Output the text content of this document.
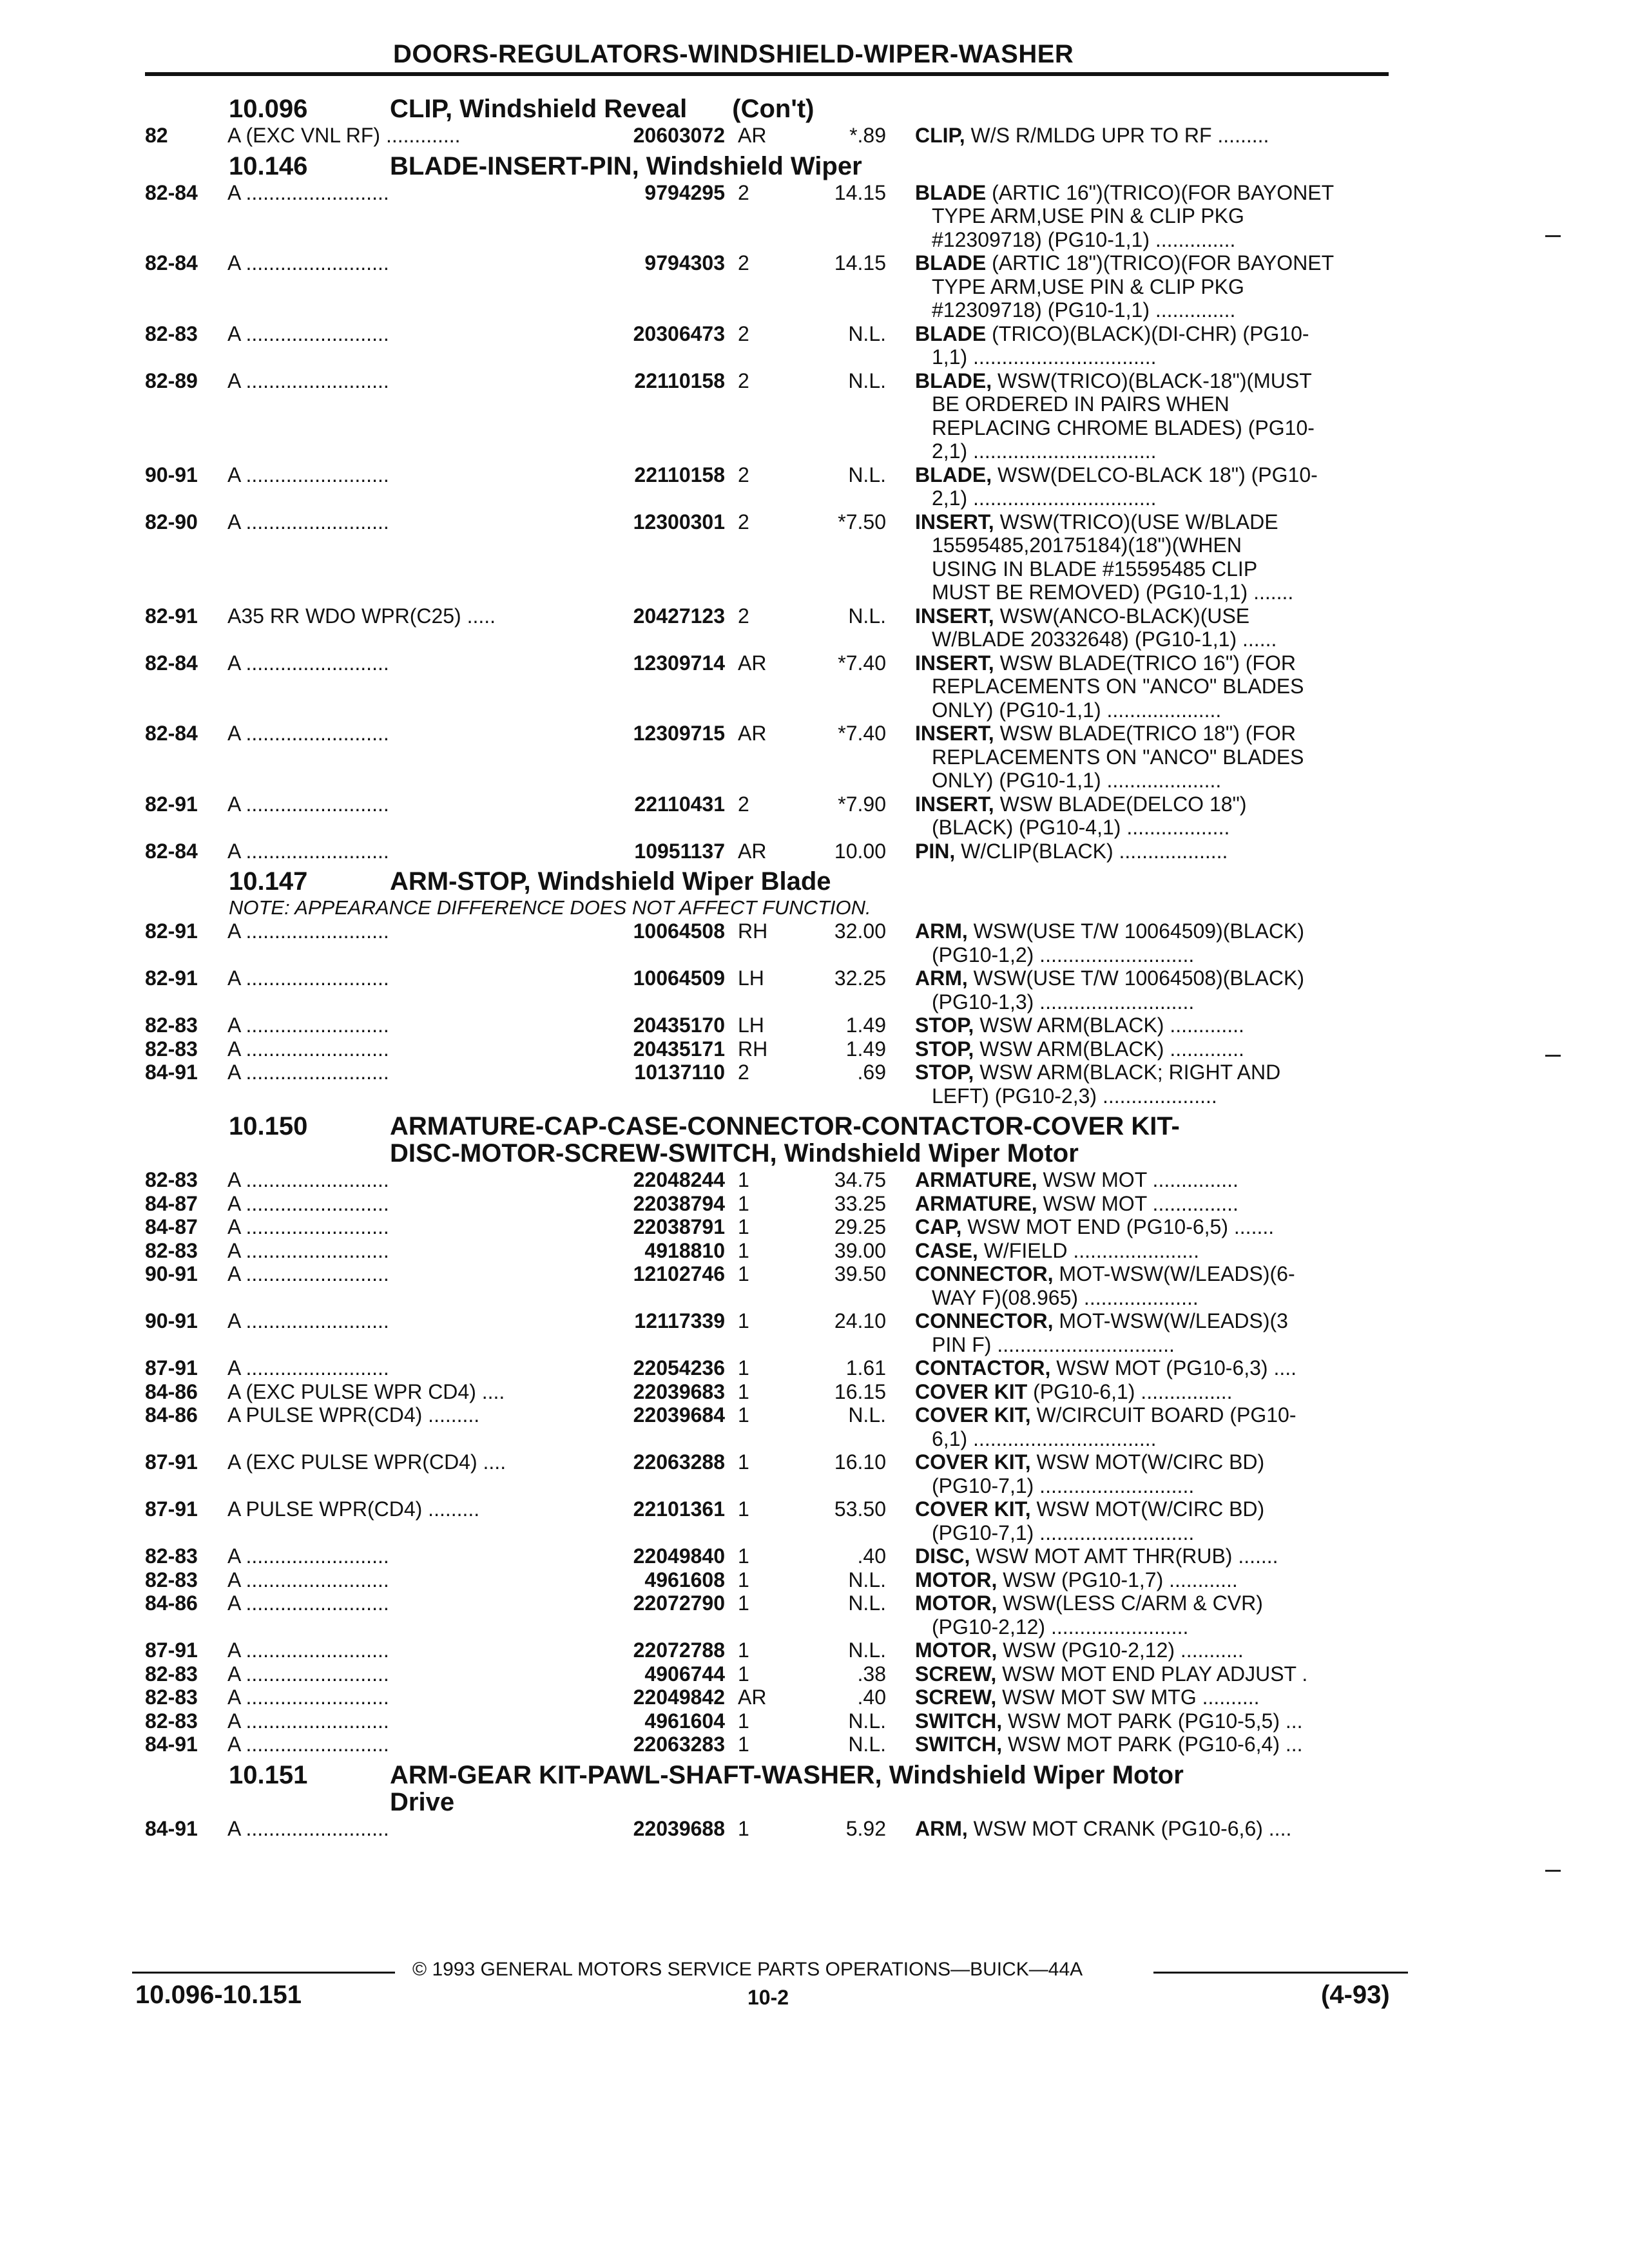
DOORS-REGULATORS-WINDSHIELD-WIPER-WASHER
10.096	CLIP, Windshield Reveal (Con't)
82	A (EXC VNL RF) .............	20603072 AR	*.89 CLIP, W/S R/MLDG UPR TO RF .........
10.146	BLADE-INSERT-PIN, Windshield Wiper
82-84 A .........................	9794295 2	14.15 BLADE (ARTIC 16")(TRICO)(FOR BAYONET
TYPE ARM,USE PIN & CLIP PKG
#12309718) (PG10-1,1) ..............
82-84 A .........................	9794303 2	14.15 BLADE (ARTIC 18")(TRICO)(FOR BAYONET
TYPE ARM,USE PIN & CLIP PKG
#12309718) (PG10-1,1) ..............
82-83 A .........................	20306473 2	N.L. BLADE (TRICO)(BLACK)(DI-CHR) (PG10-
1,1) ................................
82-89 A .........................	22110158 2	N.L. BLADE, WSW(TRICO)(BLACK-18")(MUST
BE ORDERED IN PAIRS WHEN
REPLACING CHROME BLADES) (PG10-
2,1) ................................
90-91 A .........................	22110158 2	N.L. BLADE, WSW(DELCO-BLACK 18") (PG10-
2,1) ................................
82-90 A .........................	12300301 2	*7.50 INSERT, WSW(TRICO)(USE W/BLADE
15595485,20175184)(18")(WHEN
USING IN BLADE #15595485 CLIP
MUST BE REMOVED) (PG10-1,1) .......
82-91 A35 RR WDO WPR(C25) .....	20427123 2	N.L. INSERT, WSW(ANCO-BLACK)(USE
W/BLADE 20332648) (PG10-1,1) ......
82-84 A .........................	12309714 AR	*7.40 INSERT, WSW BLADE(TRICO 16") (FOR
REPLACEMENTS ON "ANCO" BLADES
ONLY) (PG10-1,1) ....................
82-84 A .........................	12309715 AR	*7.40 INSERT, WSW BLADE(TRICO 18") (FOR
REPLACEMENTS ON "ANCO" BLADES
ONLY) (PG10-1,1) ....................
82-91 A .........................	22110431 2	*7.90 INSERT, WSW BLADE(DELCO 18")
(BLACK) (PG10-4,1) ..................
82-84 A .........................	10951137 AR	10.00 PIN, W/CLIP(BLACK) ...................
10.147	ARM-STOP, Windshield Wiper Blade
NOTE: APPEARANCE DIFFERENCE DOES NOT AFFECT FUNCTION.
82-91 A .........................	10064508 RH	32.00 ARM, WSW(USE T/W 10064509)(BLACK)
(PG10-1,2) ...........................
82-91 A .........................	10064509 LH	32.25 ARM, WSW(USE T/W 10064508)(BLACK)
(PG10-1,3) ...........................
82-83 A .........................	20435170 LH	1.49 STOP, WSW ARM(BLACK) .............
82-83 A .........................	20435171 RH	1.49 STOP, WSW ARM(BLACK) .............
84-91 A .........................	10137110 2	.69 STOP, WSW ARM(BLACK; RIGHT AND
LEFT) (PG10-2,3) ....................
10.150	ARMATURE-CAP-CASE-CONNECTOR-CONTACTOR-COVER KIT-
DISC-MOTOR-SCREW-SWITCH, Windshield Wiper Motor
82-83 A .........................	22048244 1	34.75 ARMATURE, WSW MOT ...............
84-87 A .........................	22038794 1	33.25 ARMATURE, WSW MOT ...............
84-87 A .........................	22038791 1	29.25 CAP, WSW MOT END (PG10-6,5) .......
82-83 A .........................	4918810 1	39.00 CASE, W/FIELD ......................
90-91 A .........................	12102746 1	39.50 CONNECTOR, MOT-WSW(W/LEADS)(6-
WAY F)(08.965) ....................
90-91 A .........................	12117339 1	24.10 CONNECTOR, MOT-WSW(W/LEADS)(3
PIN F) ...............................
87-91 A .........................	22054236 1	1.61 CONTACTOR, WSW MOT (PG10-6,3) ....
84-86 A (EXC PULSE WPR CD4) ....	22039683 1	16.15 COVER KIT (PG10-6,1) ................
84-86 A PULSE WPR(CD4) .........	22039684 1	N.L. COVER KIT, W/CIRCUIT BOARD (PG10-
6,1) ................................
87-91 A (EXC PULSE WPR(CD4) ....	22063288 1	16.10 COVER KIT, WSW MOT(W/CIRC BD)
(PG10-7,1) ...........................
87-91 A PULSE WPR(CD4) .........	22101361 1	53.50 COVER KIT, WSW MOT(W/CIRC BD)
(PG10-7,1) ...........................
82-83 A .........................	22049840 1	.40 DISC, WSW MOT AMT THR(RUB) .......
82-83 A .........................	4961608 1	N.L. MOTOR, WSW (PG10-1,7) ............
84-86 A .........................	22072790 1	N.L. MOTOR, WSW(LESS C/ARM & CVR)
(PG10-2,12) ........................
87-91 A .........................	22072788 1	N.L. MOTOR, WSW (PG10-2,12) ...........
82-83 A .........................	4906744 1	.38 SCREW, WSW MOT END PLAY ADJUST .
82-83 A .........................	22049842 AR	.40 SCREW, WSW MOT SW MTG ..........
82-83 A .........................	4961604 1	N.L. SWITCH, WSW MOT PARK (PG10-5,5) ...
84-91 A .........................	22063283 1	N.L. SWITCH, WSW MOT PARK (PG10-6,4) ...
10.151	ARM-GEAR KIT-PAWL-SHAFT-WASHER, Windshield Wiper Motor
Drive
84-91 A .........................	22039688 1	5.92 ARM, WSW MOT CRANK (PG10-6,6) ....
© 1993 GENERAL MOTORS SERVICE PARTS OPERATIONS—BUICK—44A
10.096-10.151	10-2	(4-93)
